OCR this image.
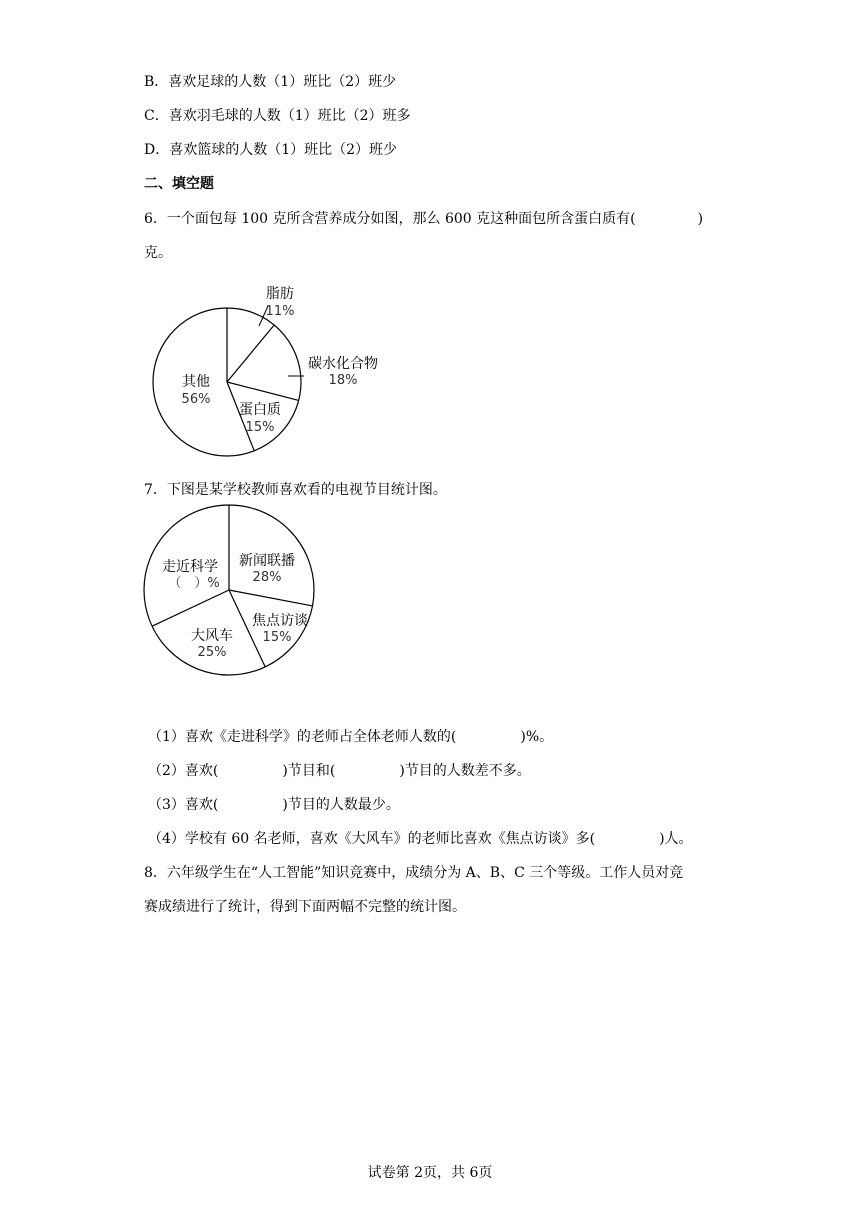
B．喜欢足球的人数（1）班比（2）班少
C．喜欢羽毛球的人数（1）班比（2）班多
D．喜欢篮球的人数（1）班比（2）班少
二、填空题
6．一个面包每 100 克所含营养成分如图，那么 600 克这种面包所含蛋白质有(	)
克。
脂肪
11%
碳水化合物
18%
蛋白质
15%
其他
56%
7．下图是某学校教师喜欢看的电视节目统计图。
新闻联播
28%
焦点访谈
15%
大风车
25%
走近科学
（　）%
（1）喜欢《走进科学》的老师占全体老师人数的(	)%。
（2）喜欢(	)节目和(	)节目的人数差不多。
（3）喜欢(	)节目的人数最少。
（4）学校有 60 名老师，喜欢《大风车》的老师比喜欢《焦点访谈》多(	)人。
8．六年级学生在“人工智能”知识竞赛中，成绩分为 A、B、C 三个等级。工作人员对竞
赛成绩进行了统计，得到下面两幅不完整的统计图。
试卷第 2页，共 6页
